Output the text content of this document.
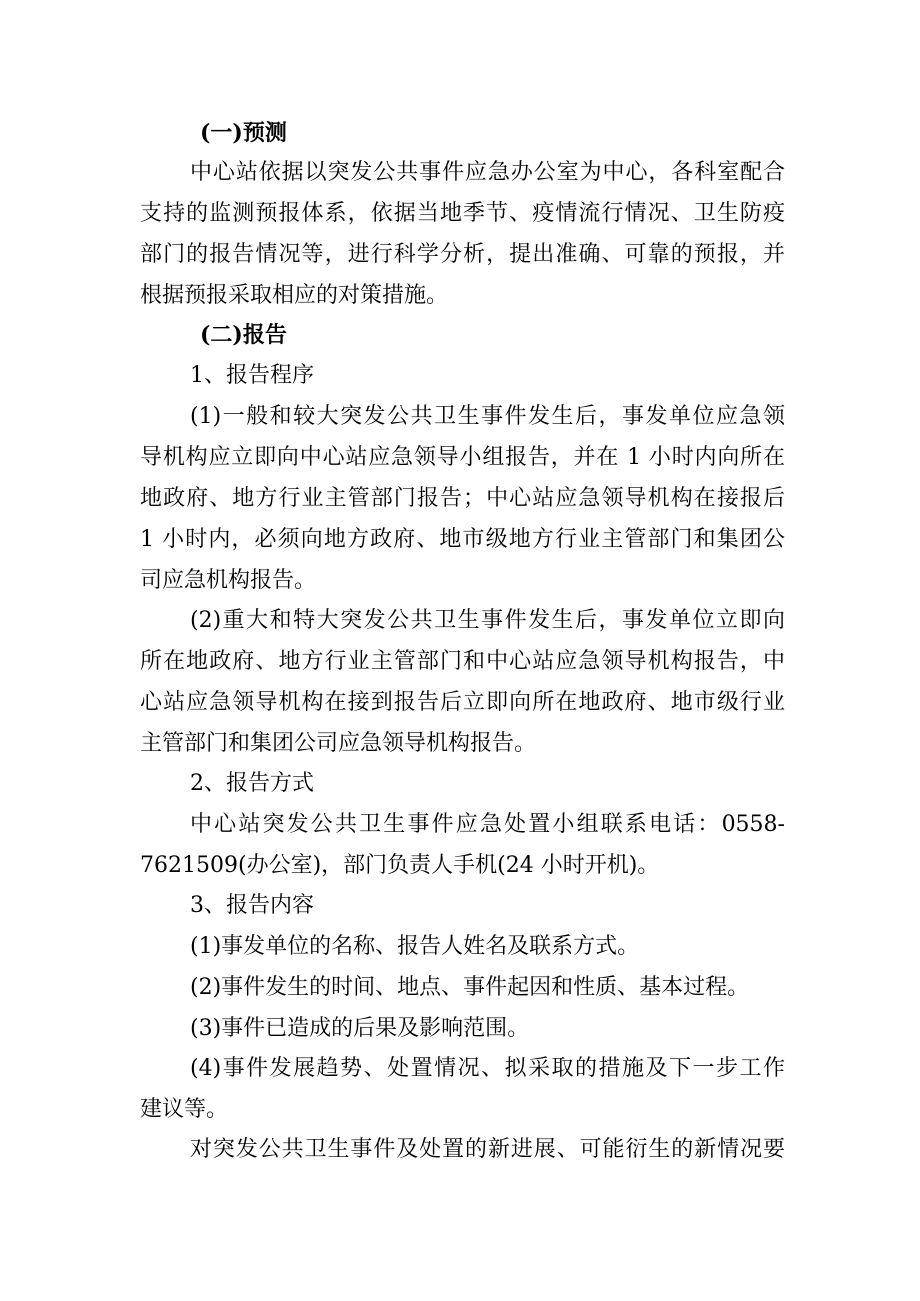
(一)预测
中心站依据以突发公共事件应急办公室为中心，各科室配合
支持的监测预报体系，依据当地季节、疫情流行情况、卫生防疫
部门的报告情况等，进行科学分析，提出准确、可靠的预报，并
根据预报采取相应的对策措施。
(二)报告
1、报告程序
(1)一般和较大突发公共卫生事件发生后，事发单位应急领
导机构应立即向中心站应急领导小组报告，并在 1 小时内向所在
地政府、地方行业主管部门报告；中心站应急领导机构在接报后
1 小时内，必须向地方政府、地市级地方行业主管部门和集团公
司应急机构报告。
(2)重大和特大突发公共卫生事件发生后，事发单位立即向
所在地政府、地方行业主管部门和中心站应急领导机构报告，中
心站应急领导机构在接到报告后立即向所在地政府、地市级行业
主管部门和集团公司应急领导机构报告。
2、报告方式
中心站突发公共卫生事件应急处置小组联系电话：0558-
7621509(办公室)，部门负责人手机(24 小时开机)。
3、报告内容
(1)事发单位的名称、报告人姓名及联系方式。
(2)事件发生的时间、地点、事件起因和性质、基本过程。
(3)事件已造成的后果及影响范围。
(4)事件发展趋势、处置情况、拟采取的措施及下一步工作
建议等。
对突发公共卫生事件及处置的新进展、可能衍生的新情况要
